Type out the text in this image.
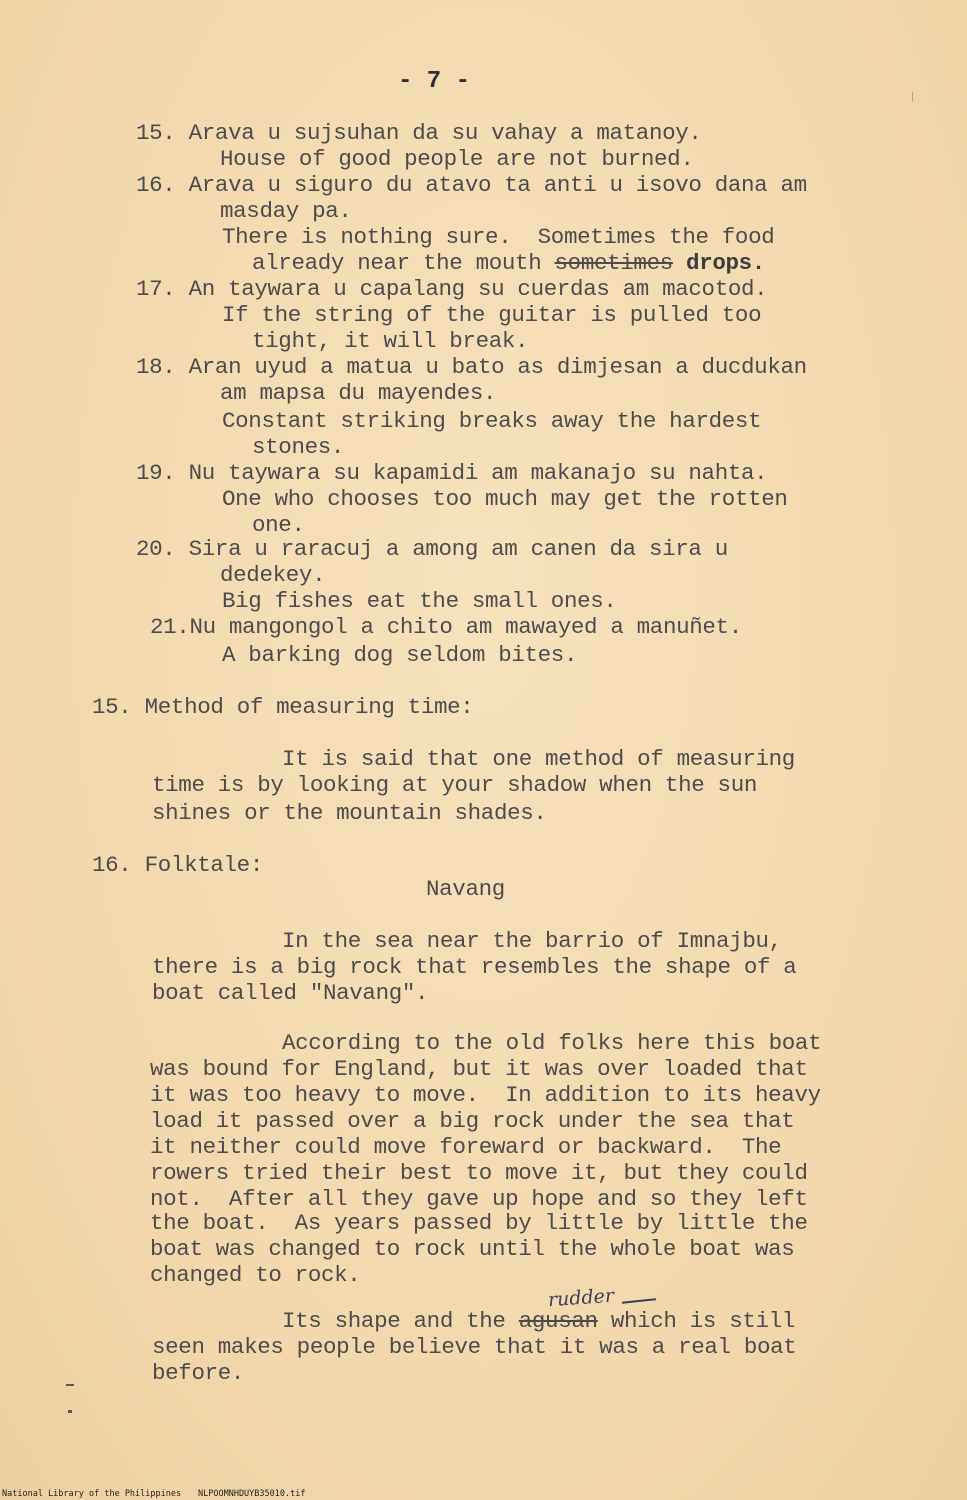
- 7 -
15. Arava u sujsuhan da su vahay a matanoy.
House of good people are not burned.
16. Arava u siguro du atavo ta anti u isovo dana am
masday pa.
There is nothing sure.  Sometimes the food
already near the mouth sometimes drops.
17. An taywara u capalang su cuerdas am macotod.
If the string of the guitar is pulled too
tight, it will break.
18. Aran uyud a matua u bato as dimjesan a ducdukan
am mapsa du mayendes.
Constant striking breaks away the hardest
stones.
19. Nu taywara su kapamidi am makanajo su nahta.
One who chooses too much may get the rotten
one.
20. Sira u raracuj a among am canen da sira u
dedekey.
Big fishes eat the small ones.
21.Nu mangongol a chito am mawayed a manuñet.
A barking dog seldom bites.
15. Method of measuring time:
It is said that one method of measuring
time is by looking at your shadow when the sun
shines or the mountain shades.
16. Folktale:
Navang
In the sea near the barrio of Imnajbu,
there is a big rock that resembles the shape of a
boat called "Navang".
According to the old folks here this boat
was bound for England, but it was over loaded that
it was too heavy to move.  In addition to its heavy
load it passed over a big rock under the sea that
it neither could move foreward or backward.  The
rowers tried their best to move it, but they could
not.  After all they gave up hope and so they left
the boat.  As years passed by little by little the
boat was changed to rock until the whole boat was
changed to rock.
rudder
Its shape and the agusan which is still
seen makes people believe that it was a real boat
before.
National Library of the Philippines NLPOOMNHDUYB35010.tif
